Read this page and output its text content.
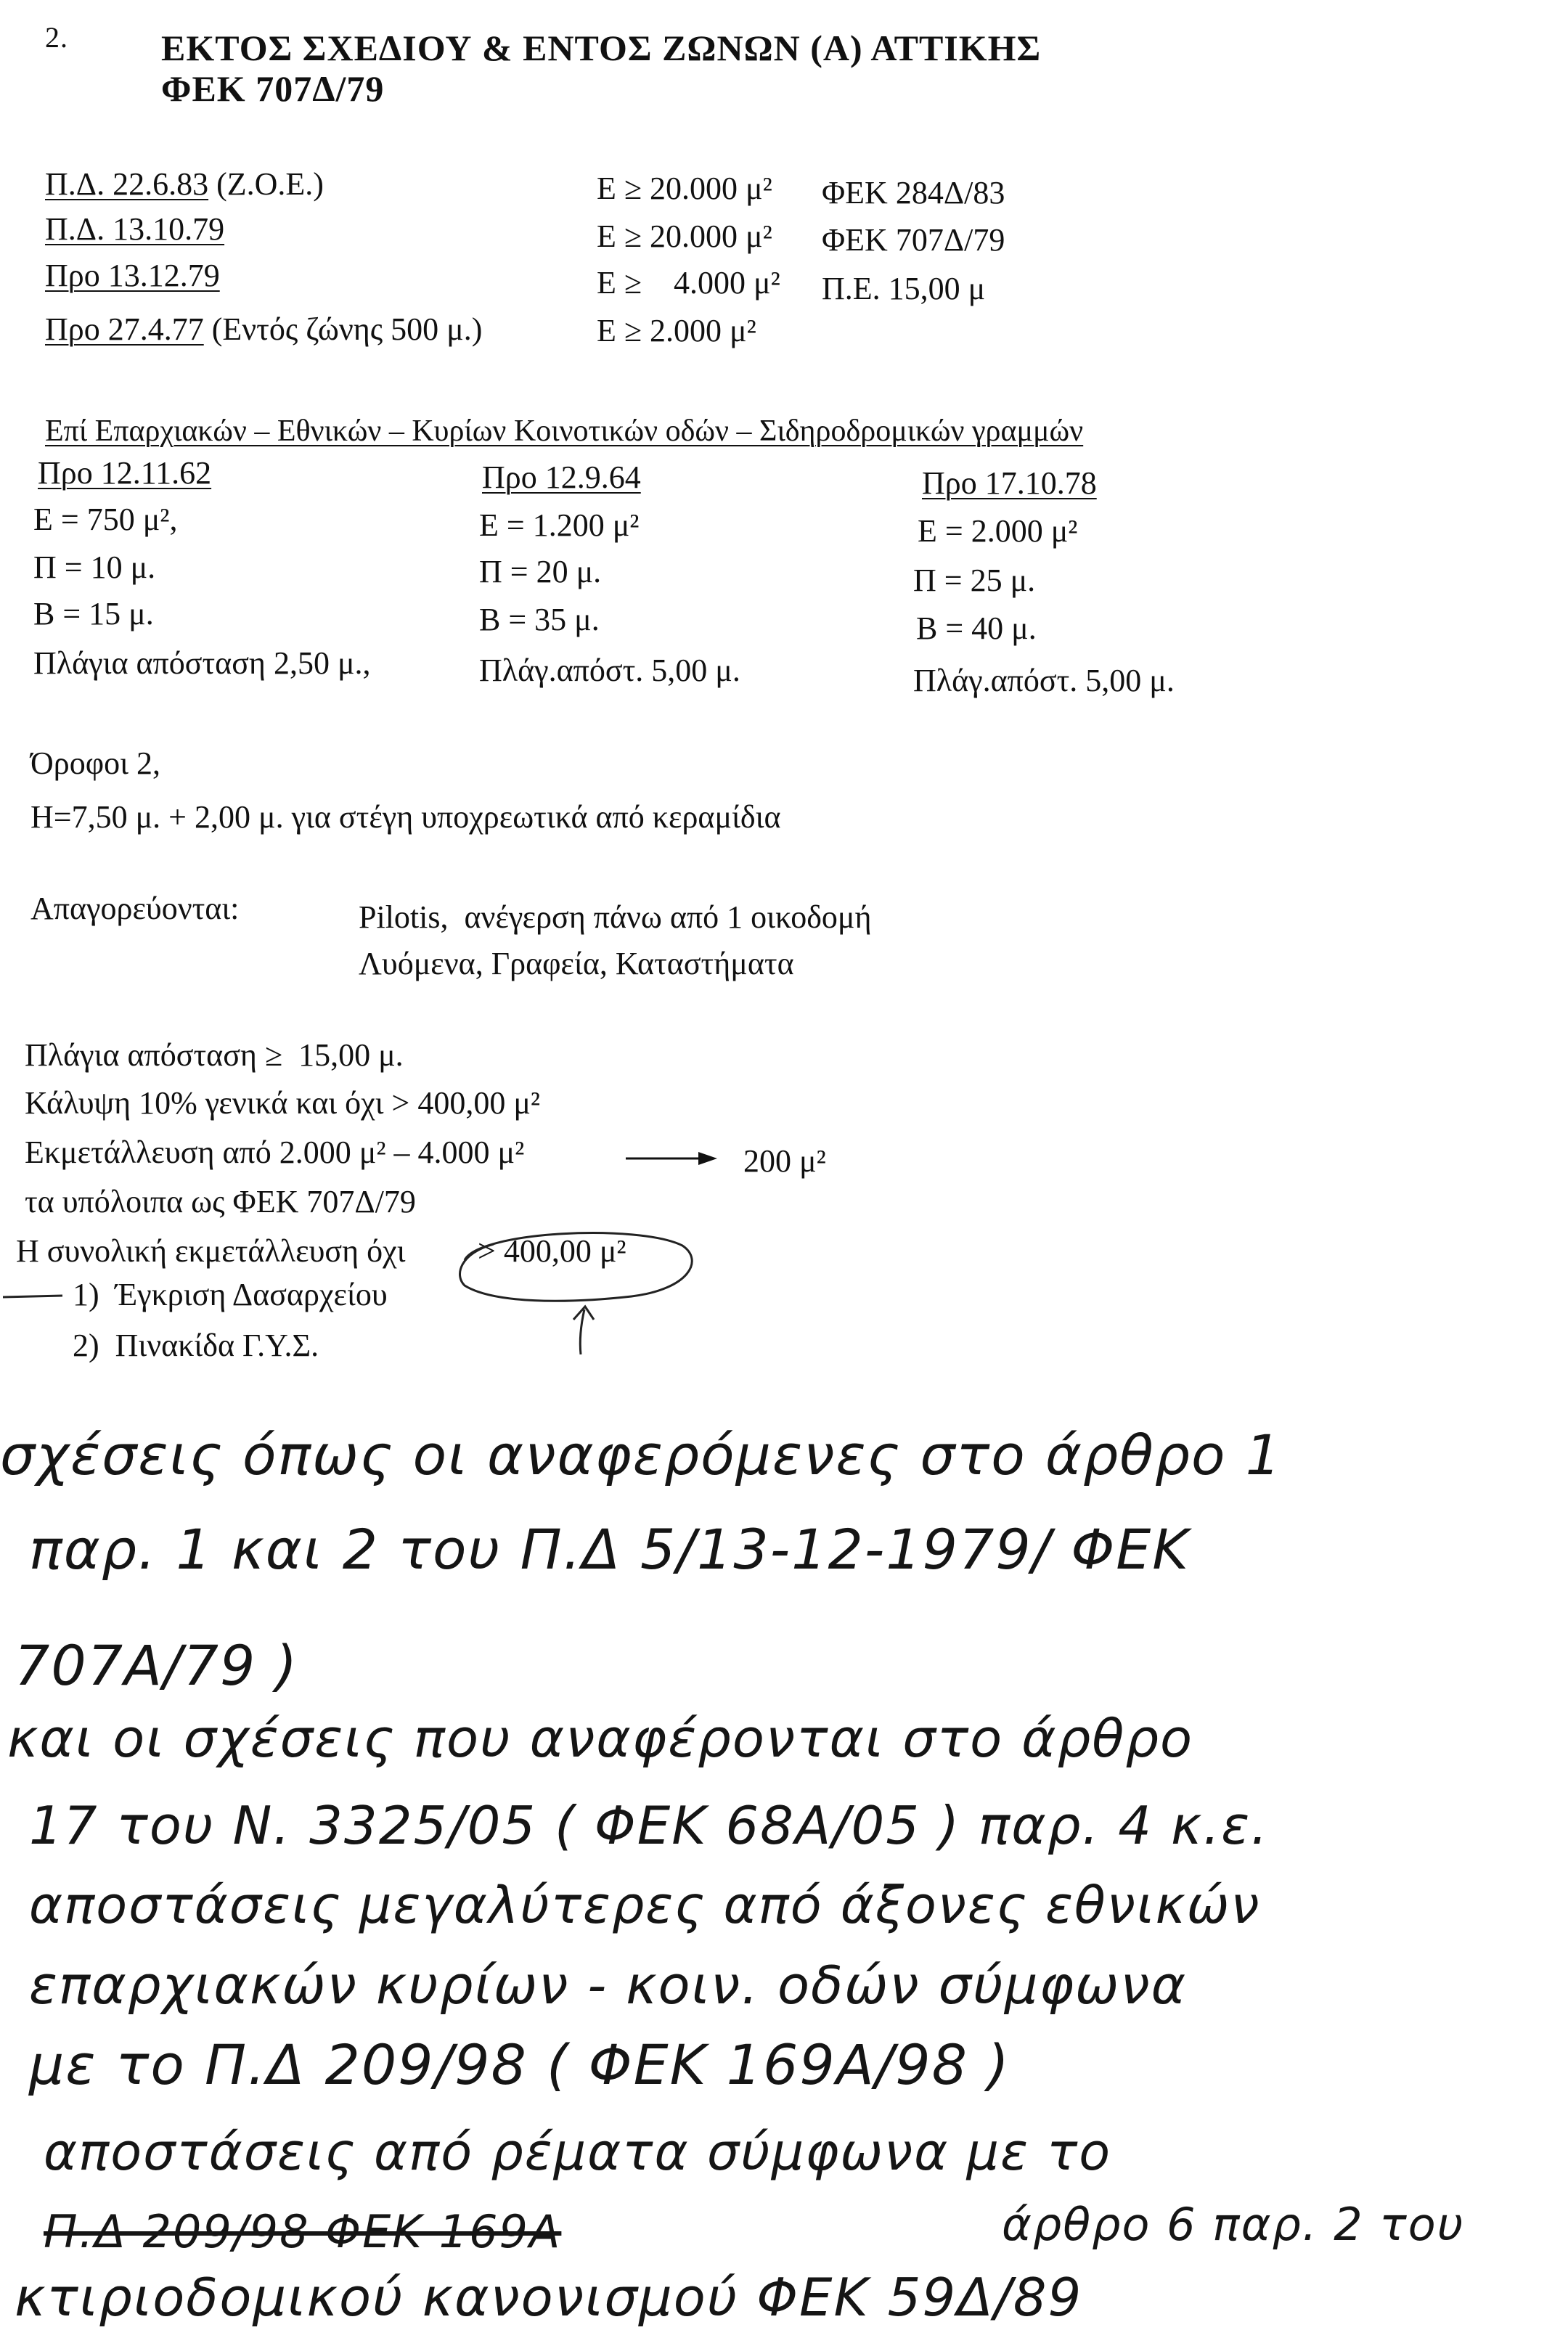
2.	ΕΚΤΟΣ ΣΧΕΔΙΟΥ & ΕΝΤΟΣ ΖΩΝΩΝ (Α) ΑΤΤΙΚΗΣ
ΦΕΚ 707Δ/79
Π.Δ. 22.6.83 (Ζ.Ο.Ε.)	Ε ≥ 20.000 μ² ΦΕΚ 284Δ/83
Π.Δ. 13.10.79	Ε ≥ 20.000 μ² ΦΕΚ 707Δ/79
Προ 13.12.79	Ε ≥    4.000 μ² Π.Ε. 15,00 μ
Προ 27.4.77 (Εντός ζώνης 500 μ.)	Ε ≥ 2.000 μ²
Επί Επαρχιακών – Εθνικών – Κυρίων Κοινοτικών οδών – Σιδηροδρομικών γραμμών
Προ 12.11.62
Ε = 750 μ²,
Π = 10 μ.
Β = 15 μ.
Πλάγια απόσταση 2,50 μ.,
Προ 12.9.64
Ε = 1.200 μ²
Π = 20 μ.
Β = 35 μ.
Πλάγ.απόστ. 5,00 μ.
Προ 17.10.78
Ε = 2.000 μ²
Π = 25 μ.
Β = 40 μ.
Πλάγ.απόστ. 5,00 μ.
Όροφοι 2,
Η=7,50 μ. + 2,00 μ. για στέγη υποχρεωτικά από κεραμίδια
Απαγορεύονται:	Pilotis,  ανέγερση πάνω από 1 οικοδομή
Λυόμενα, Γραφεία, Καταστήματα
Πλάγια απόσταση ≥  15,00 μ.
Κάλυψη 10% γενικά και όχι > 400,00 μ²
Εκμετάλλευση από 2.000 μ² – 4.000 μ²	200 μ²
τα υπόλοιπα ως ΦΕΚ 707Δ/79
Η συνολική εκμετάλλευση όχι > 400,00 μ²
1) Έγκριση Δασαρχείου
2) Πινακίδα Γ.Υ.Σ.
σχέσεις όπως οι αναφερόμενες στο άρθρο 1
παρ. 1 και 2 του Π.Δ 5/13-12-1979/ ΦΕΚ
707Α/79 )
και οι σχέσεις που αναφέρονται στο άρθρο
17 του Ν. 3325/05 ( ΦΕΚ 68Α/05 ) παρ. 4 κ.ε.
αποστάσεις μεγαλύτερες από άξονες εθνικών
επαρχιακών κυρίων - κοιν. οδών σύμφωνα
με το Π.Δ 209/98 ( ΦΕΚ 169Α/98 )
αποστάσεις από ρέματα σύμφωνα με το
άρθρο 6 παρ. 2 του
Π.Δ 209/98 ΦΕΚ 169Α
κτιριοδομικού κανονισμού ΦΕΚ 59Δ/89
